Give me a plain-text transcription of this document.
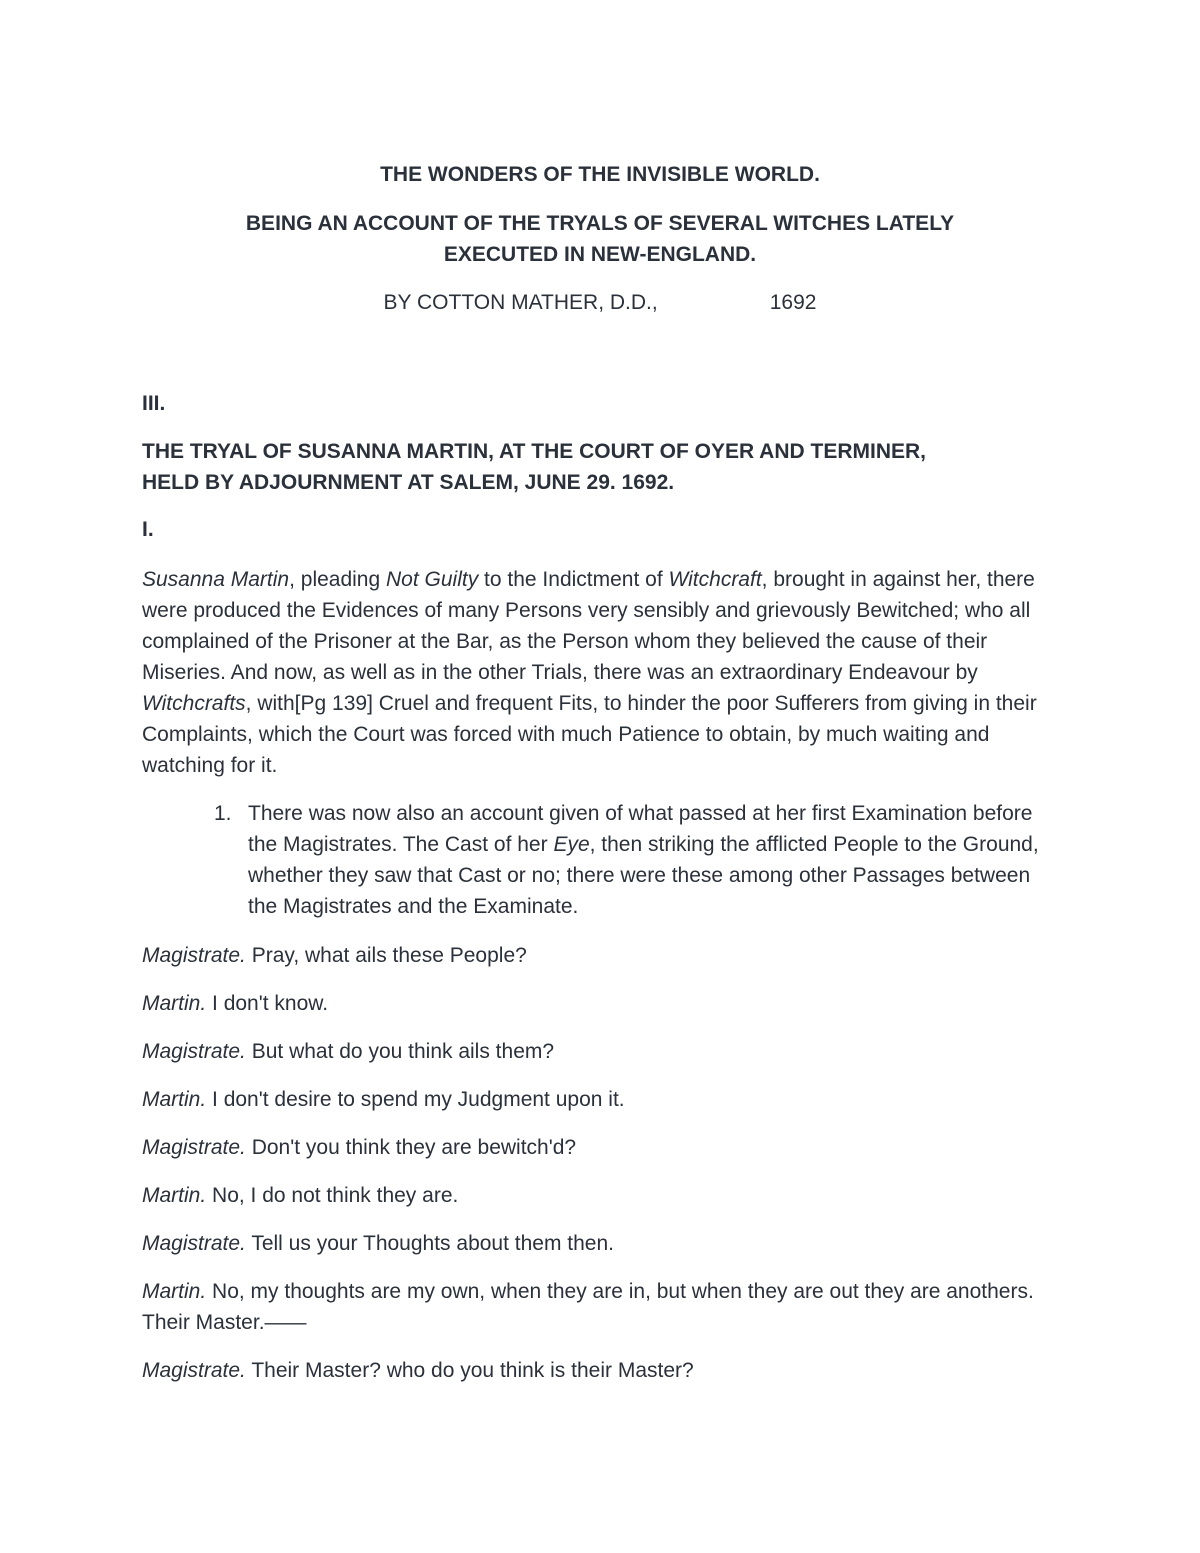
THE WONDERS OF THE INVISIBLE WORLD.

BEING AN ACCOUNT OF THE TRYALS OF SEVERAL WITCHES LATELY
EXECUTED IN NEW-ENGLAND.

BY COTTON MATHER, D.D.,	1692

III.

THE TRYAL OF SUSANNA MARTIN, AT THE COURT OF OYER AND TERMINER,
HELD BY ADJOURNMENT AT SALEM, JUNE 29. 1692.

I.

Susanna Martin, pleading Not Guilty to the Indictment of Witchcraft, brought in against her, there were produced the Evidences of many Persons very sensibly and grievously Bewitched; who all complained of the Prisoner at the Bar, as the Person whom they believed the cause of their Miseries. And now, as well as in the other Trials, there was an extraordinary Endeavour by Witchcrafts, with[Pg 139] Cruel and frequent Fits, to hinder the poor Sufferers from giving in their Complaints, which the Court was forced with much Patience to obtain, by much waiting and watching for it.

1. There was now also an account given of what passed at her first Examination before the Magistrates. The Cast of her Eye, then striking the afflicted People to the Ground, whether they saw that Cast or no; there were these among other Passages between the Magistrates and the Examinate.

Magistrate. Pray, what ails these People?

Martin. I don't know.

Magistrate. But what do you think ails them?

Martin. I don't desire to spend my Judgment upon it.

Magistrate. Don't you think they are bewitch'd?

Martin. No, I do not think they are.

Magistrate. Tell us your Thoughts about them then.

Martin. No, my thoughts are my own, when they are in, but when they are out they are anothers. Their Master.——

Magistrate. Their Master? who do you think is their Master?
